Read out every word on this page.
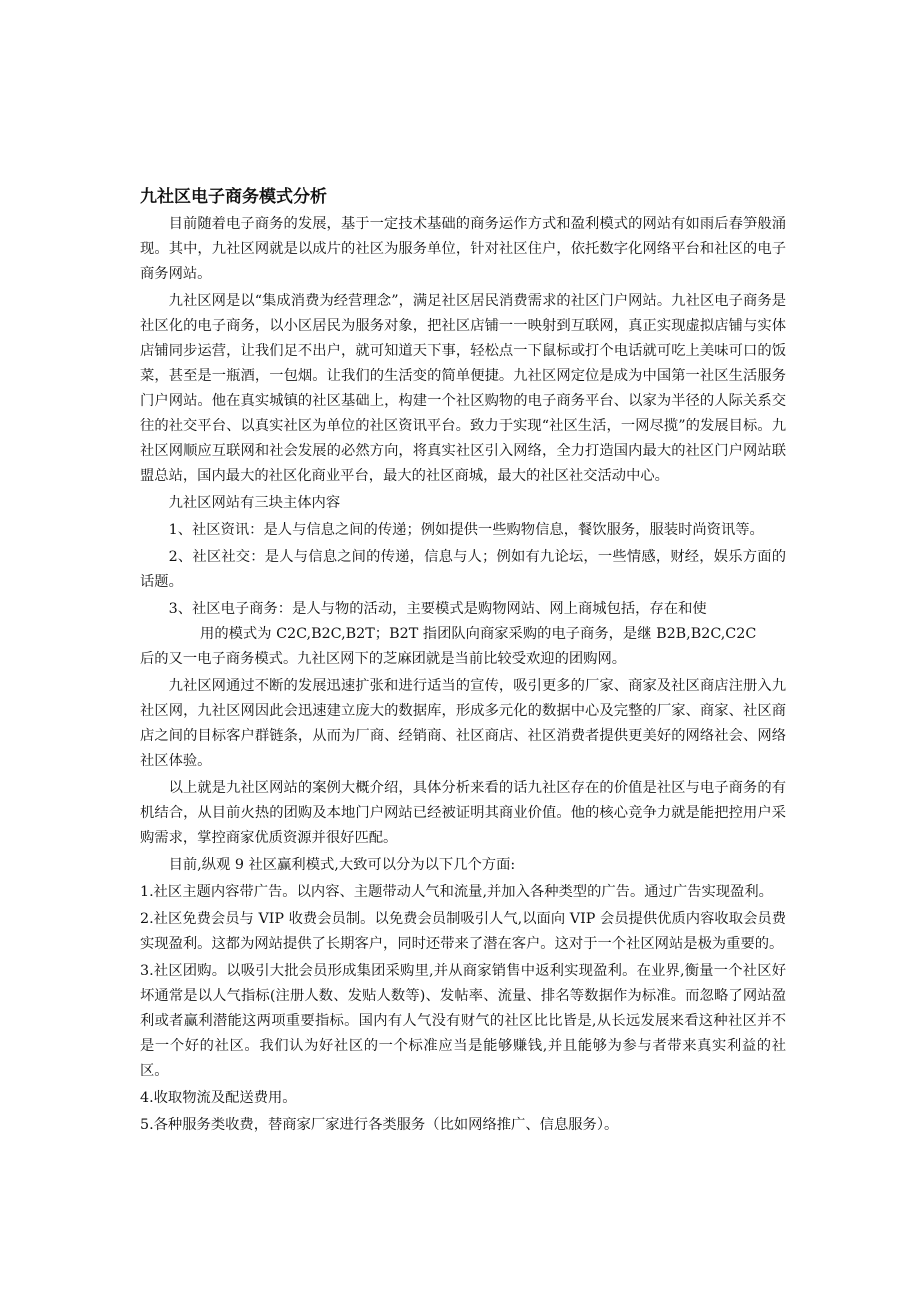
九社区电子商务模式分析
目前随着电子商务的发展，基于一定技术基础的商务运作方式和盈利模式的网站有如雨后春笋般涌现。其中，九社区网就是以成片的社区为服务单位，针对社区住户，依托数字化网络平台和社区的电子商务网站。
九社区网是以“集成消费为经营理念”，满足社区居民消费需求的社区门户网站。九社区电子商务是社区化的电子商务，以小区居民为服务对象，把社区店铺一一映射到互联网，真正实现虚拟店铺与实体店铺同步运营，让我们足不出户，就可知道天下事，轻松点一下鼠标或打个电话就可吃上美味可口的饭菜，甚至是一瓶酒，一包烟。让我们的生活变的简单便捷。九社区网定位是成为中国第一社区生活服务门户网站。他在真实城镇的社区基础上，构建一个社区购物的电子商务平台、以家为半径的人际关系交往的社交平台、以真实社区为单位的社区资讯平台。致力于实现“社区生活，一网尽揽”的发展目标。九社区网顺应互联网和社会发展的必然方向，将真实社区引入网络，全力打造国内最大的社区门户网站联盟总站，国内最大的社区化商业平台，最大的社区商城，最大的社区社交活动中心。
九社区网站有三块主体内容
1、社区资讯：是人与信息之间的传递；例如提供一些购物信息，餐饮服务，服装时尚资讯等。
2、社区社交：是人与信息之间的传递，信息与人；例如有九论坛，一些情感，财经，娱乐方面的话题。
3、社区电子商务：是人与物的活动，主要模式是购物网站、网上商城包括，存在和使
用的模式为 C2C,B2C,B2T；B2T 指团队向商家采购的电子商务，是继 B2B,B2C,C2C
后的又一电子商务模式。九社区网下的芝麻团就是当前比较受欢迎的团购网。
九社区网通过不断的发展迅速扩张和进行适当的宣传，吸引更多的厂家、商家及社区商店注册入九社区网，九社区网因此会迅速建立庞大的数据库，形成多元化的数据中心及完整的厂家、商家、社区商店之间的目标客户群链条，从而为厂商、经销商、社区商店、社区消费者提供更美好的网络社会、网络社区体验。
以上就是九社区网站的案例大概介绍，具体分析来看的话九社区存在的价值是社区与电子商务的有机结合，从目前火热的团购及本地门户网站已经被证明其商业价值。他的核心竞争力就是能把控用户采购需求，掌控商家优质资源并很好匹配。
目前,纵观 9 社区赢利模式,大致可以分为以下几个方面:
1.社区主题内容带广告。以内容、主题带动人气和流量,并加入各种类型的广告。通过广告实现盈利。
2.社区免费会员与 VIP 收费会员制。以免费会员制吸引人气,以面向 VIP 会员提供优质内容收取会员费实现盈利。这都为网站提供了长期客户，同时还带来了潜在客户。这对于一个社区网站是极为重要的。
3.社区团购。以吸引大批会员形成集团采购里,并从商家销售中返利实现盈利。在业界,衡量一个社区好坏通常是以人气指标(注册人数、发贴人数等)、发帖率、流量、排名等数据作为标准。而忽略了网站盈利或者赢利潜能这两项重要指标。国内有人气没有财气的社区比比皆是,从长远发展来看这种社区并不是一个好的社区。我们认为好社区的一个标准应当是能够赚钱,并且能够为参与者带来真实利益的社区。
4.收取物流及配送费用。
5.各种服务类收费，替商家厂家进行各类服务（比如网络推广、信息服务）。
